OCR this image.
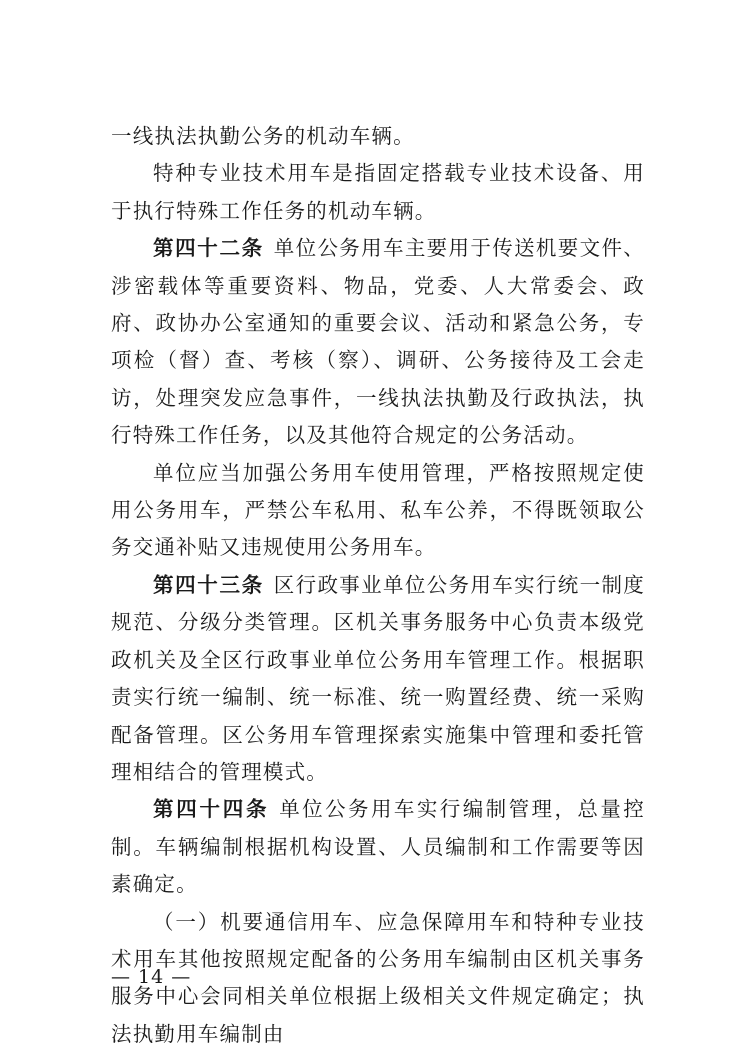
一线执法执勤公务的机动车辆。

特种专业技术用车是指固定搭载专业技术设备、用于执行特殊工作任务的机动车辆。

第四十二条 单位公务用车主要用于传送机要文件、涉密载体等重要资料、物品，党委、人大常委会、政府、政协办公室通知的重要会议、活动和紧急公务，专项检（督）查、考核（察）、调研、公务接待及工会走访，处理突发应急事件，一线执法执勤及行政执法，执行特殊工作任务，以及其他符合规定的公务活动。

单位应当加强公务用车使用管理，严格按照规定使用公务用车，严禁公车私用、私车公养，不得既领取公务交通补贴又违规使用公务用车。

第四十三条 区行政事业单位公务用车实行统一制度规范、分级分类管理。区机关事务服务中心负责本级党政机关及全区行政事业单位公务用车管理工作。根据职责实行统一编制、统一标准、统一购置经费、统一采购配备管理。区公务用车管理探索实施集中管理和委托管理相结合的管理模式。

第四十四条 单位公务用车实行编制管理，总量控制。车辆编制根据机构设置、人员编制和工作需要等因素确定。

（一）机要通信用车、应急保障用车和特种专业技术用车其他按照规定配备的公务用车编制由区机关事务服务中心会同相关单位根据上级相关文件规定确定；执法执勤用车编制由

— 14 —
